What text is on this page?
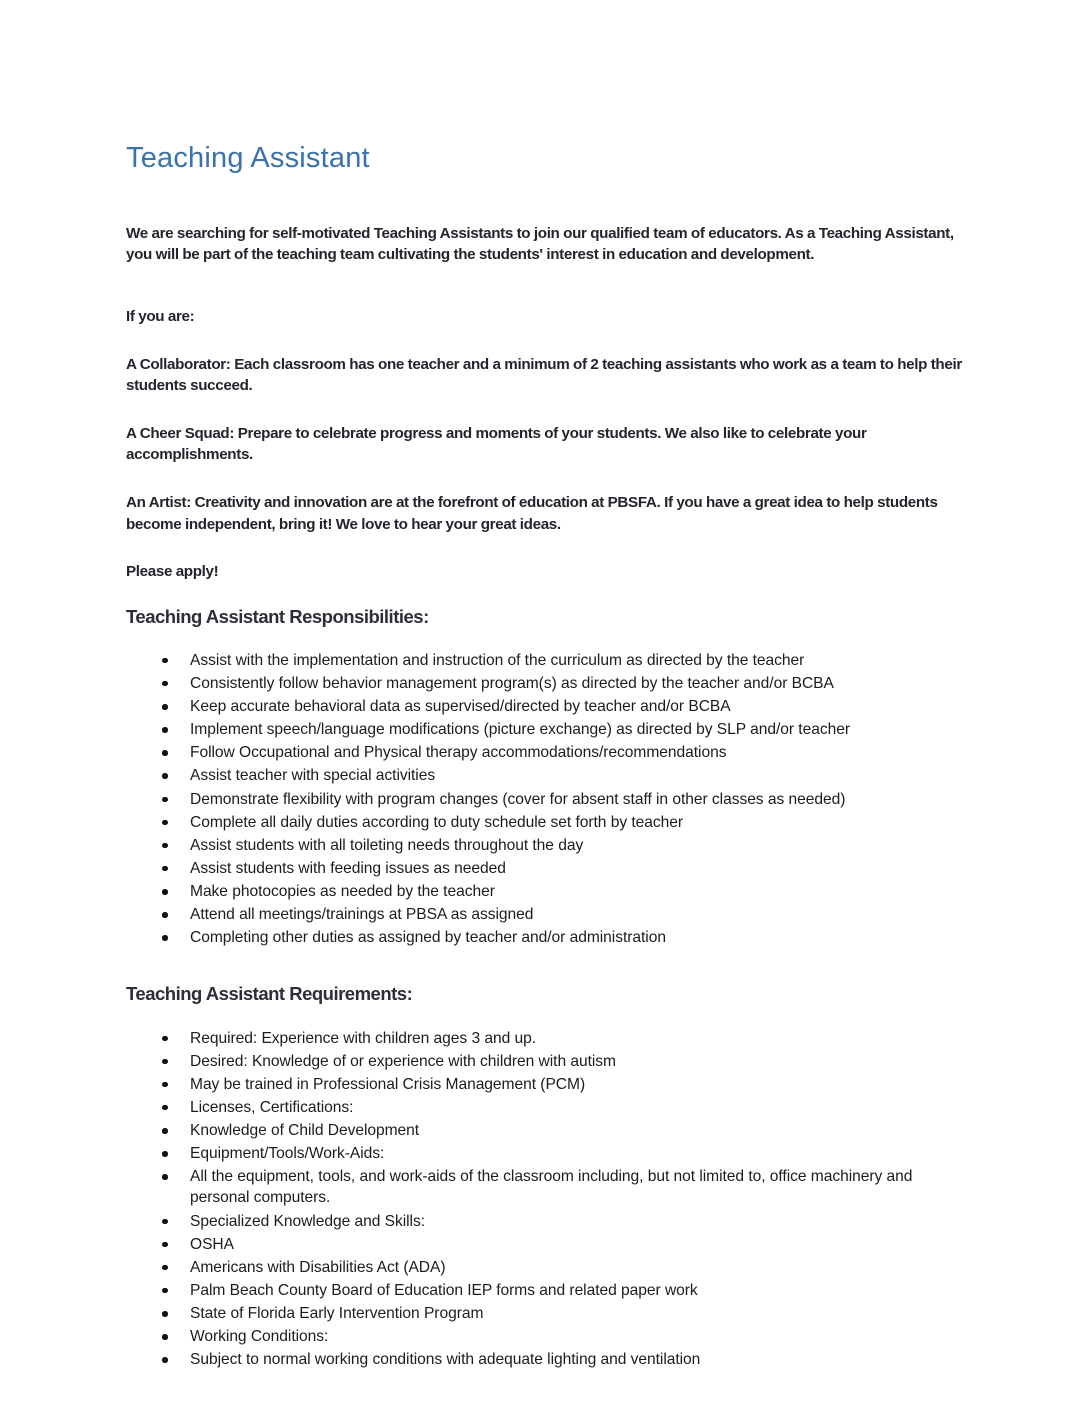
Teaching Assistant

We are searching for self-motivated Teaching Assistants to join our qualified team of educators. As a Teaching Assistant, you will be part of the teaching team cultivating the students' interest in education and development.

If you are:

A Collaborator: Each classroom has one teacher and a minimum of 2 teaching assistants who work as a team to help their students succeed.

A Cheer Squad: Prepare to celebrate progress and moments of your students. We also like to celebrate your accomplishments.

An Artist: Creativity and innovation are at the forefront of education at PBSFA. If you have a great idea to help students become independent, bring it! We love to hear your great ideas.

Please apply!

Teaching Assistant Responsibilities:
Assist with the implementation and instruction of the curriculum as directed by the teacher
Consistently follow behavior management program(s) as directed by the teacher and/or BCBA
Keep accurate behavioral data as supervised/directed by teacher and/or BCBA
Implement speech/language modifications (picture exchange) as directed by SLP and/or teacher
Follow Occupational and Physical therapy accommodations/recommendations
Assist teacher with special activities
Demonstrate flexibility with program changes (cover for absent staff in other classes as needed)
Complete all daily duties according to duty schedule set forth by teacher
Assist students with all toileting needs throughout the day
Assist students with feeding issues as needed
Make photocopies as needed by the teacher
Attend all meetings/trainings at PBSA as assigned
Completing other duties as assigned by teacher and/or administration
Teaching Assistant Requirements:
Required: Experience with children ages 3 and up.
Desired: Knowledge of or experience with children with autism
May be trained in Professional Crisis Management (PCM)
Licenses, Certifications:
Knowledge of Child Development
Equipment/Tools/Work-Aids:
All the equipment, tools, and work-aids of the classroom including, but not limited to, office machinery and personal computers.
Specialized Knowledge and Skills:
OSHA
Americans with Disabilities Act (ADA)
Palm Beach County Board of Education IEP forms and related paper work
State of Florida Early Intervention Program
Working Conditions:
Subject to normal working conditions with adequate lighting and ventilation
